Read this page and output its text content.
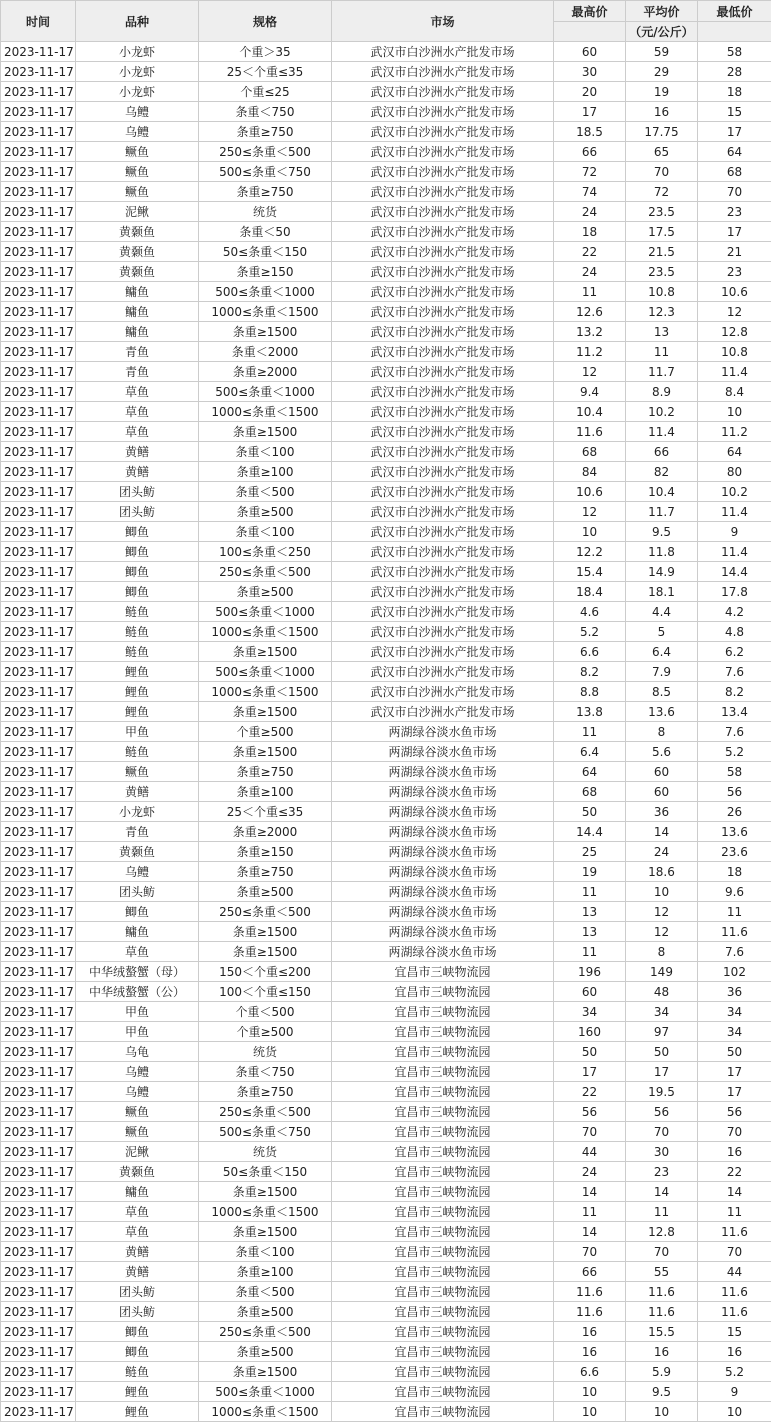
时间	品种	规格	市场	最高价	平均价	最低价
					（元/公斤）	
2023-11-17	小龙虾	个重＞35	武汉市白沙洲水产批发市场	60	59	58
2023-11-17	小龙虾	25＜个重≤35	武汉市白沙洲水产批发市场	30	29	28
2023-11-17	小龙虾	个重≤25	武汉市白沙洲水产批发市场	20	19	18
2023-11-17	乌鳢	条重＜750	武汉市白沙洲水产批发市场	17	16	15
2023-11-17	乌鳢	条重≥750	武汉市白沙洲水产批发市场	18.5	17.75	17
2023-11-17	鳜鱼	250≤条重＜500	武汉市白沙洲水产批发市场	66	65	64
2023-11-17	鳜鱼	500≤条重＜750	武汉市白沙洲水产批发市场	72	70	68
2023-11-17	鳜鱼	条重≥750	武汉市白沙洲水产批发市场	74	72	70
2023-11-17	泥鳅	统货	武汉市白沙洲水产批发市场	24	23.5	23
2023-11-17	黄颡鱼	条重＜50	武汉市白沙洲水产批发市场	18	17.5	17
2023-11-17	黄颡鱼	50≤条重＜150	武汉市白沙洲水产批发市场	22	21.5	21
2023-11-17	黄颡鱼	条重≥150	武汉市白沙洲水产批发市场	24	23.5	23
2023-11-17	鳙鱼	500≤条重＜1000	武汉市白沙洲水产批发市场	11	10.8	10.6
2023-11-17	鳙鱼	1000≤条重＜1500	武汉市白沙洲水产批发市场	12.6	12.3	12
2023-11-17	鳙鱼	条重≥1500	武汉市白沙洲水产批发市场	13.2	13	12.8
2023-11-17	青鱼	条重＜2000	武汉市白沙洲水产批发市场	11.2	11	10.8
2023-11-17	青鱼	条重≥2000	武汉市白沙洲水产批发市场	12	11.7	11.4
2023-11-17	草鱼	500≤条重＜1000	武汉市白沙洲水产批发市场	9.4	8.9	8.4
2023-11-17	草鱼	1000≤条重＜1500	武汉市白沙洲水产批发市场	10.4	10.2	10
2023-11-17	草鱼	条重≥1500	武汉市白沙洲水产批发市场	11.6	11.4	11.2
2023-11-17	黄鳝	条重＜100	武汉市白沙洲水产批发市场	68	66	64
2023-11-17	黄鳝	条重≥100	武汉市白沙洲水产批发市场	84	82	80
2023-11-17	团头鲂	条重＜500	武汉市白沙洲水产批发市场	10.6	10.4	10.2
2023-11-17	团头鲂	条重≥500	武汉市白沙洲水产批发市场	12	11.7	11.4
2023-11-17	鲫鱼	条重＜100	武汉市白沙洲水产批发市场	10	9.5	9
2023-11-17	鲫鱼	100≤条重＜250	武汉市白沙洲水产批发市场	12.2	11.8	11.4
2023-11-17	鲫鱼	250≤条重＜500	武汉市白沙洲水产批发市场	15.4	14.9	14.4
2023-11-17	鲫鱼	条重≥500	武汉市白沙洲水产批发市场	18.4	18.1	17.8
2023-11-17	鲢鱼	500≤条重＜1000	武汉市白沙洲水产批发市场	4.6	4.4	4.2
2023-11-17	鲢鱼	1000≤条重＜1500	武汉市白沙洲水产批发市场	5.2	5	4.8
2023-11-17	鲢鱼	条重≥1500	武汉市白沙洲水产批发市场	6.6	6.4	6.2
2023-11-17	鲤鱼	500≤条重＜1000	武汉市白沙洲水产批发市场	8.2	7.9	7.6
2023-11-17	鲤鱼	1000≤条重＜1500	武汉市白沙洲水产批发市场	8.8	8.5	8.2
2023-11-17	鲤鱼	条重≥1500	武汉市白沙洲水产批发市场	13.8	13.6	13.4
2023-11-17	甲鱼	个重≥500	两湖绿谷淡水鱼市场	11	8	7.6
2023-11-17	鲢鱼	条重≥1500	两湖绿谷淡水鱼市场	6.4	5.6	5.2
2023-11-17	鳜鱼	条重≥750	两湖绿谷淡水鱼市场	64	60	58
2023-11-17	黄鳝	条重≥100	两湖绿谷淡水鱼市场	68	60	56
2023-11-17	小龙虾	25＜个重≤35	两湖绿谷淡水鱼市场	50	36	26
2023-11-17	青鱼	条重≥2000	两湖绿谷淡水鱼市场	14.4	14	13.6
2023-11-17	黄颡鱼	条重≥150	两湖绿谷淡水鱼市场	25	24	23.6
2023-11-17	乌鳢	条重≥750	两湖绿谷淡水鱼市场	19	18.6	18
2023-11-17	团头鲂	条重≥500	两湖绿谷淡水鱼市场	11	10	9.6
2023-11-17	鲫鱼	250≤条重＜500	两湖绿谷淡水鱼市场	13	12	11
2023-11-17	鳙鱼	条重≥1500	两湖绿谷淡水鱼市场	13	12	11.6
2023-11-17	草鱼	条重≥1500	两湖绿谷淡水鱼市场	11	8	7.6
2023-11-17	中华绒螯蟹（母）	150＜个重≤200	宜昌市三峡物流园	196	149	102
2023-11-17	中华绒螯蟹（公）	100＜个重≤150	宜昌市三峡物流园	60	48	36
2023-11-17	甲鱼	个重＜500	宜昌市三峡物流园	34	34	34
2023-11-17	甲鱼	个重≥500	宜昌市三峡物流园	160	97	34
2023-11-17	乌龟	统货	宜昌市三峡物流园	50	50	50
2023-11-17	乌鳢	条重＜750	宜昌市三峡物流园	17	17	17
2023-11-17	乌鳢	条重≥750	宜昌市三峡物流园	22	19.5	17
2023-11-17	鳜鱼	250≤条重＜500	宜昌市三峡物流园	56	56	56
2023-11-17	鳜鱼	500≤条重＜750	宜昌市三峡物流园	70	70	70
2023-11-17	泥鳅	统货	宜昌市三峡物流园	44	30	16
2023-11-17	黄颡鱼	50≤条重＜150	宜昌市三峡物流园	24	23	22
2023-11-17	鳙鱼	条重≥1500	宜昌市三峡物流园	14	14	14
2023-11-17	草鱼	1000≤条重＜1500	宜昌市三峡物流园	11	11	11
2023-11-17	草鱼	条重≥1500	宜昌市三峡物流园	14	12.8	11.6
2023-11-17	黄鳝	条重＜100	宜昌市三峡物流园	70	70	70
2023-11-17	黄鳝	条重≥100	宜昌市三峡物流园	66	55	44
2023-11-17	团头鲂	条重＜500	宜昌市三峡物流园	11.6	11.6	11.6
2023-11-17	团头鲂	条重≥500	宜昌市三峡物流园	11.6	11.6	11.6
2023-11-17	鲫鱼	250≤条重＜500	宜昌市三峡物流园	16	15.5	15
2023-11-17	鲫鱼	条重≥500	宜昌市三峡物流园	16	16	16
2023-11-17	鲢鱼	条重≥1500	宜昌市三峡物流园	6.6	5.9	5.2
2023-11-17	鲤鱼	500≤条重＜1000	宜昌市三峡物流园	10	9.5	9
2023-11-17	鲤鱼	1000≤条重＜1500	宜昌市三峡物流园	10	10	10
